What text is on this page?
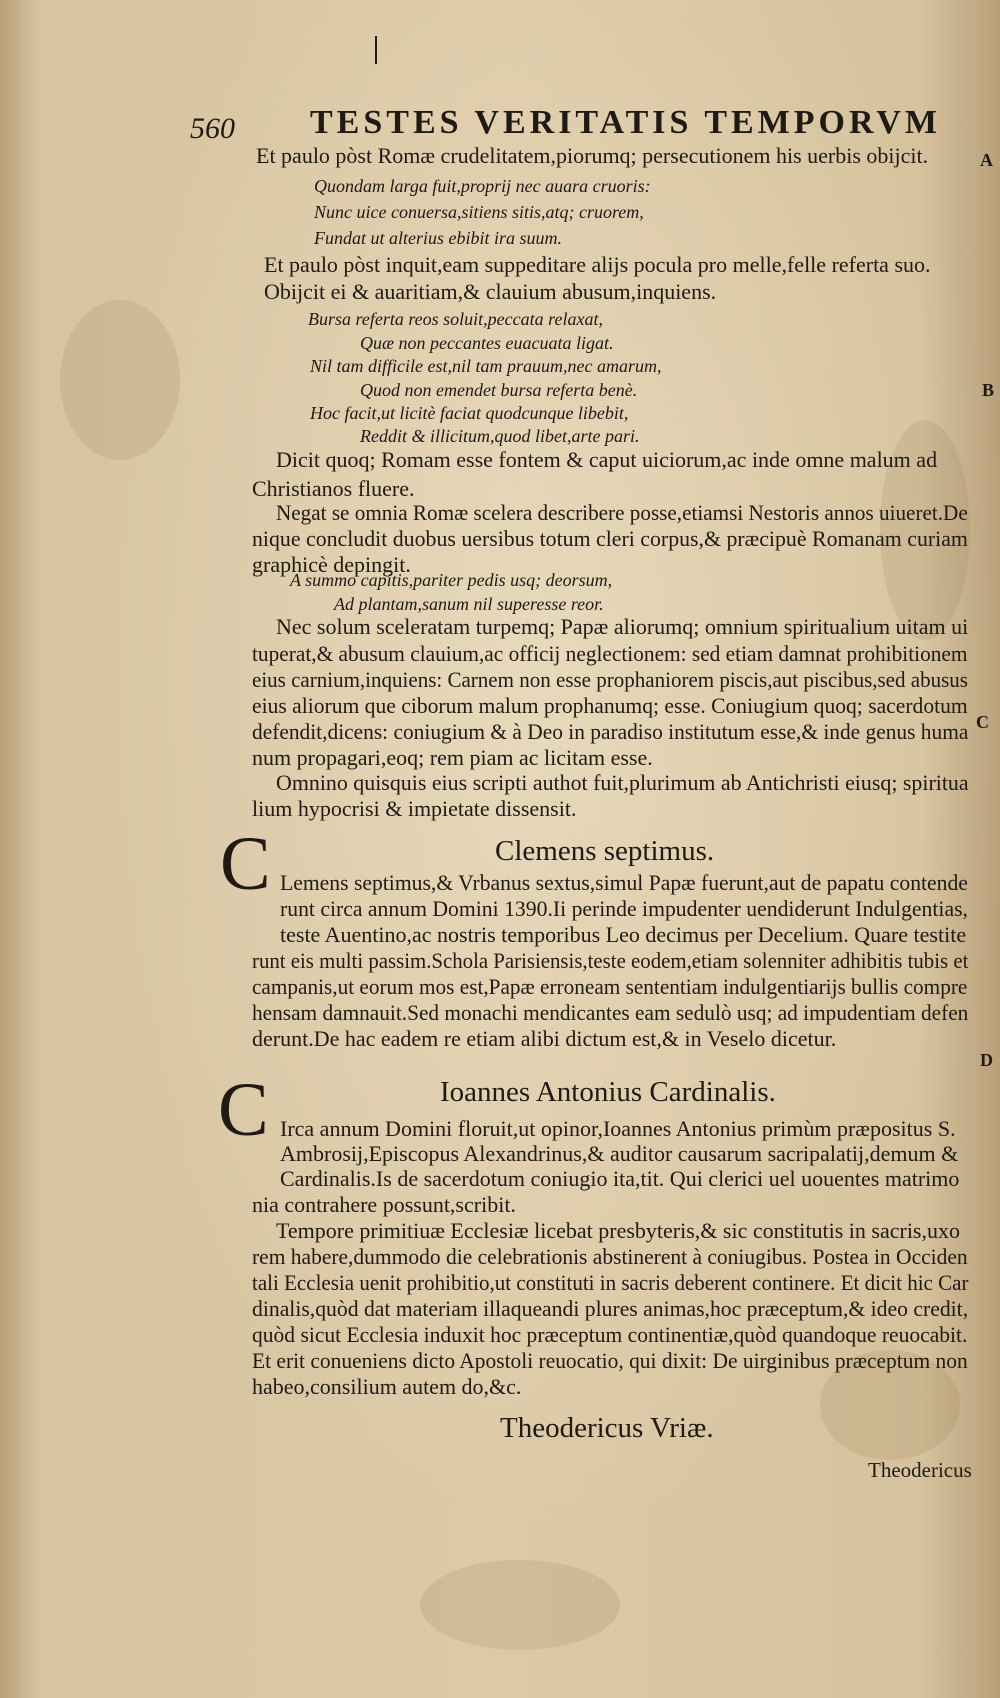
560 TESTES VERITATIS TEMPORVM
A
B
C
D
C
C
Et paulo pòst Romæ crudelitatem,piorumq; persecutionem his uerbis obijcit.
Quondam larga fuit,proprij nec auara cruoris:
Nunc uice conuersa,sitiens sitis,atq; cruorem,
Fundat ut alterius ebibit ira suum.
Et paulo pòst inquit,eam suppeditare alijs pocula pro melle,felle referta suo.
Obijcit ei & auaritiam,& clauium abusum,inquiens.
Bursa referta reos soluit,peccata relaxat,
Quæ non peccantes euacuata ligat.
Nil tam difficile est,nil tam prauum,nec amarum,
Quod non emendet bursa referta benè.
Hoc facit,ut licitè faciat quodcunque libebit,
Reddit & illicitum,quod libet,arte pari.
Dicit quoq; Romam esse fontem & caput uiciorum,ac inde omne malum ad
Christianos fluere.
Negat se omnia Romæ scelera describere posse,etiamsi Nestoris annos uiueret.De
nique concludit duobus uersibus totum cleri corpus,& præcipuè Romanam curiam
graphicè depingit.
A summo capitis,pariter pedis usq; deorsum,
Ad plantam,sanum nil superesse reor.
Nec solum sceleratam turpemq; Papæ aliorumq; omnium spiritualium uitam ui
tuperat,& abusum clauium,ac officij neglectionem: sed etiam damnat prohibitionem
eius carnium,inquiens: Carnem non esse prophaniorem piscis,aut piscibus,sed abusus
eius aliorum que ciborum malum prophanumq; esse. Coniugium quoq; sacerdotum
defendit,dicens: coniugium & à Deo in paradiso institutum esse,& inde genus huma
num propagari,eoq; rem piam ac licitam esse.
Omnino quisquis eius scripti authot fuit,plurimum ab Antichristi eiusq; spiritua
lium hypocrisi & impietate dissensit.
Clemens septimus.
Lemens septimus,& Vrbanus sextus,simul Papæ fuerunt,aut de papatu contende
runt circa annum Domini 1390.Ii perinde impudenter uendiderunt Indulgentias,
teste Auentino,ac nostris temporibus Leo decimus per Decelium. Quare testite
runt eis multi passim.Schola Parisiensis,teste eodem,etiam solenniter adhibitis tubis et
campanis,ut eorum mos est,Papæ erroneam sententiam indulgentiarijs bullis compre
hensam damnauit.Sed monachi mendicantes eam sedulò usq; ad impudentiam defen
derunt.De hac eadem re etiam alibi dictum est,& in Veselo dicetur.
Ioannes Antonius Cardinalis.
Irca annum Domini floruit,ut opinor,Ioannes Antonius primùm præpositus S.
Ambrosij,Episcopus Alexandrinus,& auditor causarum sacripalatij,demum &
Cardinalis.Is de sacerdotum coniugio ita,tit. Qui clerici uel uouentes matrimo
nia contrahere possunt,scribit.
Tempore primitiuæ Ecclesiæ licebat presbyteris,& sic constitutis in sacris,uxo
rem habere,dummodo die celebrationis abstinerent à coniugibus. Postea in Occiden
tali Ecclesia uenit prohibitio,ut constituti in sacris deberent continere. Et dicit hic Car
dinalis,quòd dat materiam illaqueandi plures animas,hoc præceptum,& ideo credit,
quòd sicut Ecclesia induxit hoc præceptum continentiæ,quòd quandoque reuocabit.
Et erit conueniens dicto Apostoli reuocatio, qui dixit: De uirginibus præceptum non
habeo,consilium autem do,&c.
Theodericus Vriæ.
Theodericus
